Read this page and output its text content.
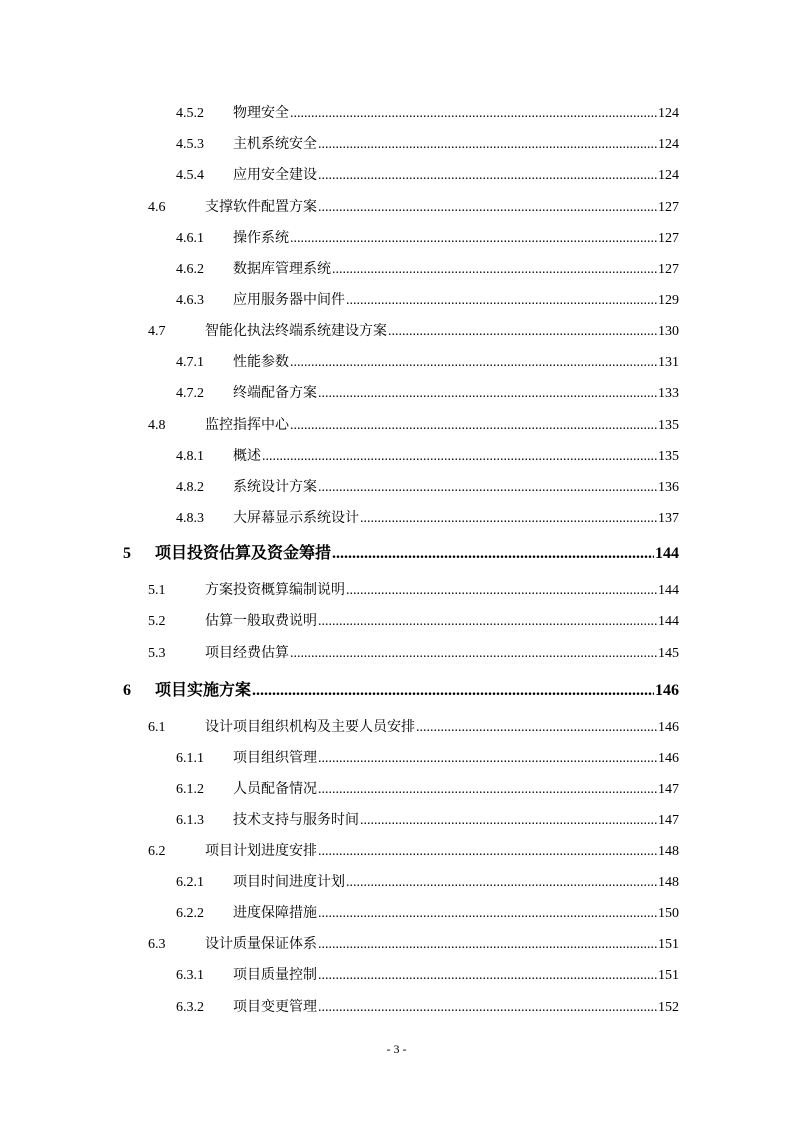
4.5.2	物理安全 .....	124
4.5.3	主机系统安全 .....	124
4.5.4	应用安全建设 .....	124
4.6	支撑软件配置方案 .....	127
4.6.1	操作系统 .....	127
4.6.2	数据库管理系统 .....	127
4.6.3	应用服务器中间件 .....	129
4.7	智能化执法终端系统建设方案 .....	130
4.7.1	性能参数 .....	131
4.7.2	终端配备方案 .....	133
4.8	监控指挥中心 .....	135
4.8.1	概述 .....	135
4.8.2	系统设计方案 .....	136
4.8.3	大屏幕显示系统设计 .....	137
5	项目投资估算及资金筹措 .....	144
5.1	方案投资概算编制说明 .....	144
5.2	估算一般取费说明 .....	144
5.3	项目经费估算 .....	145
6	项目实施方案 .....	146
6.1	设计项目组织机构及主要人员安排 .....	146
6.1.1	项目组织管理 .....	146
6.1.2	人员配备情况 .....	147
6.1.3	技术支持与服务时间 .....	147
6.2	项目计划进度安排 .....	148
6.2.1	项目时间进度计划 .....	148
6.2.2	进度保障措施 .....	150
6.3	设计质量保证体系 .....	151
6.3.1	项目质量控制 .....	151
6.3.2	项目变更管理 .....	152
- 3 -
